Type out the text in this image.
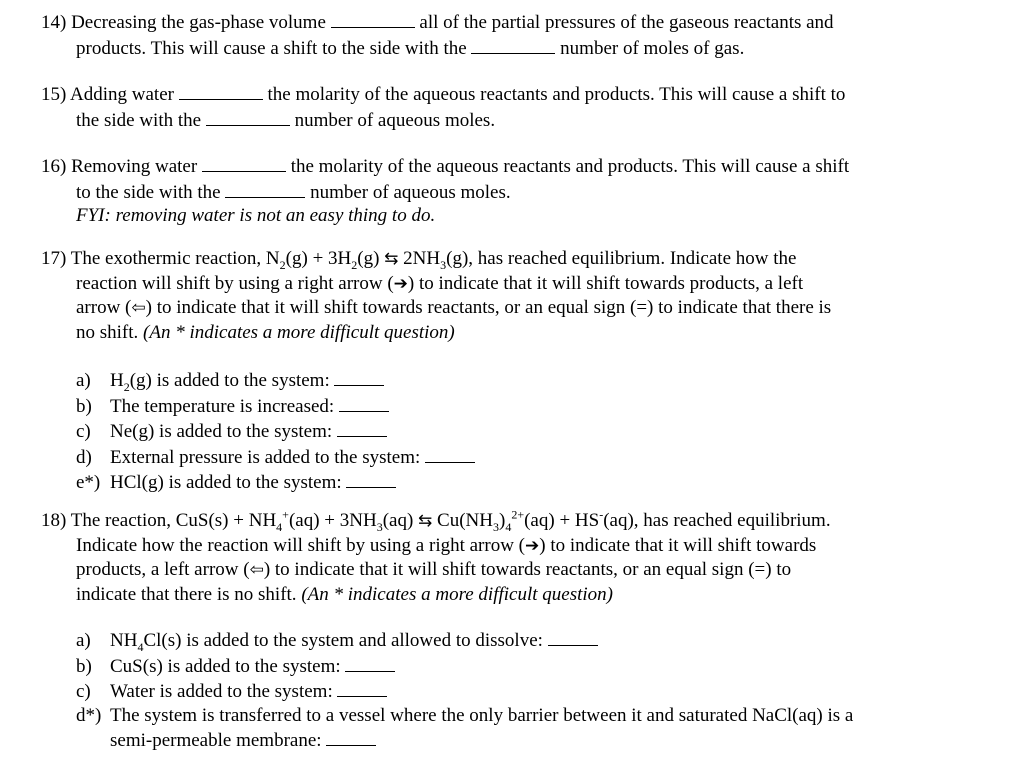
14) Decreasing the gas-phase volume	all of the partial pressures of the gaseous reactants and
products. This will cause a shift to the side with the	number of moles of gas.
15) Adding water	the molarity of the aqueous reactants and products. This will cause a shift to
the side with the	number of aqueous moles.
16) Removing water	the molarity of the aqueous reactants and products. This will cause a shift
to the side with the	number of aqueous moles.
FYI: removing water is not an easy thing to do.
17) The exothermic reaction, $N_2(g) + 3H_2(g)$ ⇆ $2NH_3(g)$, has reached equilibrium. Indicate how the
reaction will shift by using a right arrow (➔) to indicate that it will shift towards products, a left
arrow (⇦) to indicate that it will shift towards reactants, or an equal sign (=) to indicate that there is
no shift. (An * indicates a more difficult question)
a) $H_2(g)$ is added to the system:
b) The temperature is increased:
c) Ne(g) is added to the system:
d) External pressure is added to the system:
e*) HCl(g) is added to the system:
18) The reaction, $CuS(s) + NH_4^+(aq) + 3NH_3(aq)$ ⇆ $Cu(NH_3)_4^{2+}(aq) + HS^-(aq)$, has reached equilibrium.
Indicate how the reaction will shift by using a right arrow (➔) to indicate that it will shift towards
products, a left arrow (⇦) to indicate that it will shift towards reactants, or an equal sign (=) to
indicate that there is no shift. (An * indicates a more difficult question)
a) $NH_4Cl(s)$ is added to the system and allowed to dissolve:
b) CuS(s) is added to the system:
c) Water is added to the system:
d*) The system is transferred to a vessel where the only barrier between it and saturated NaCl(aq) is a
semi-permeable membrane:
